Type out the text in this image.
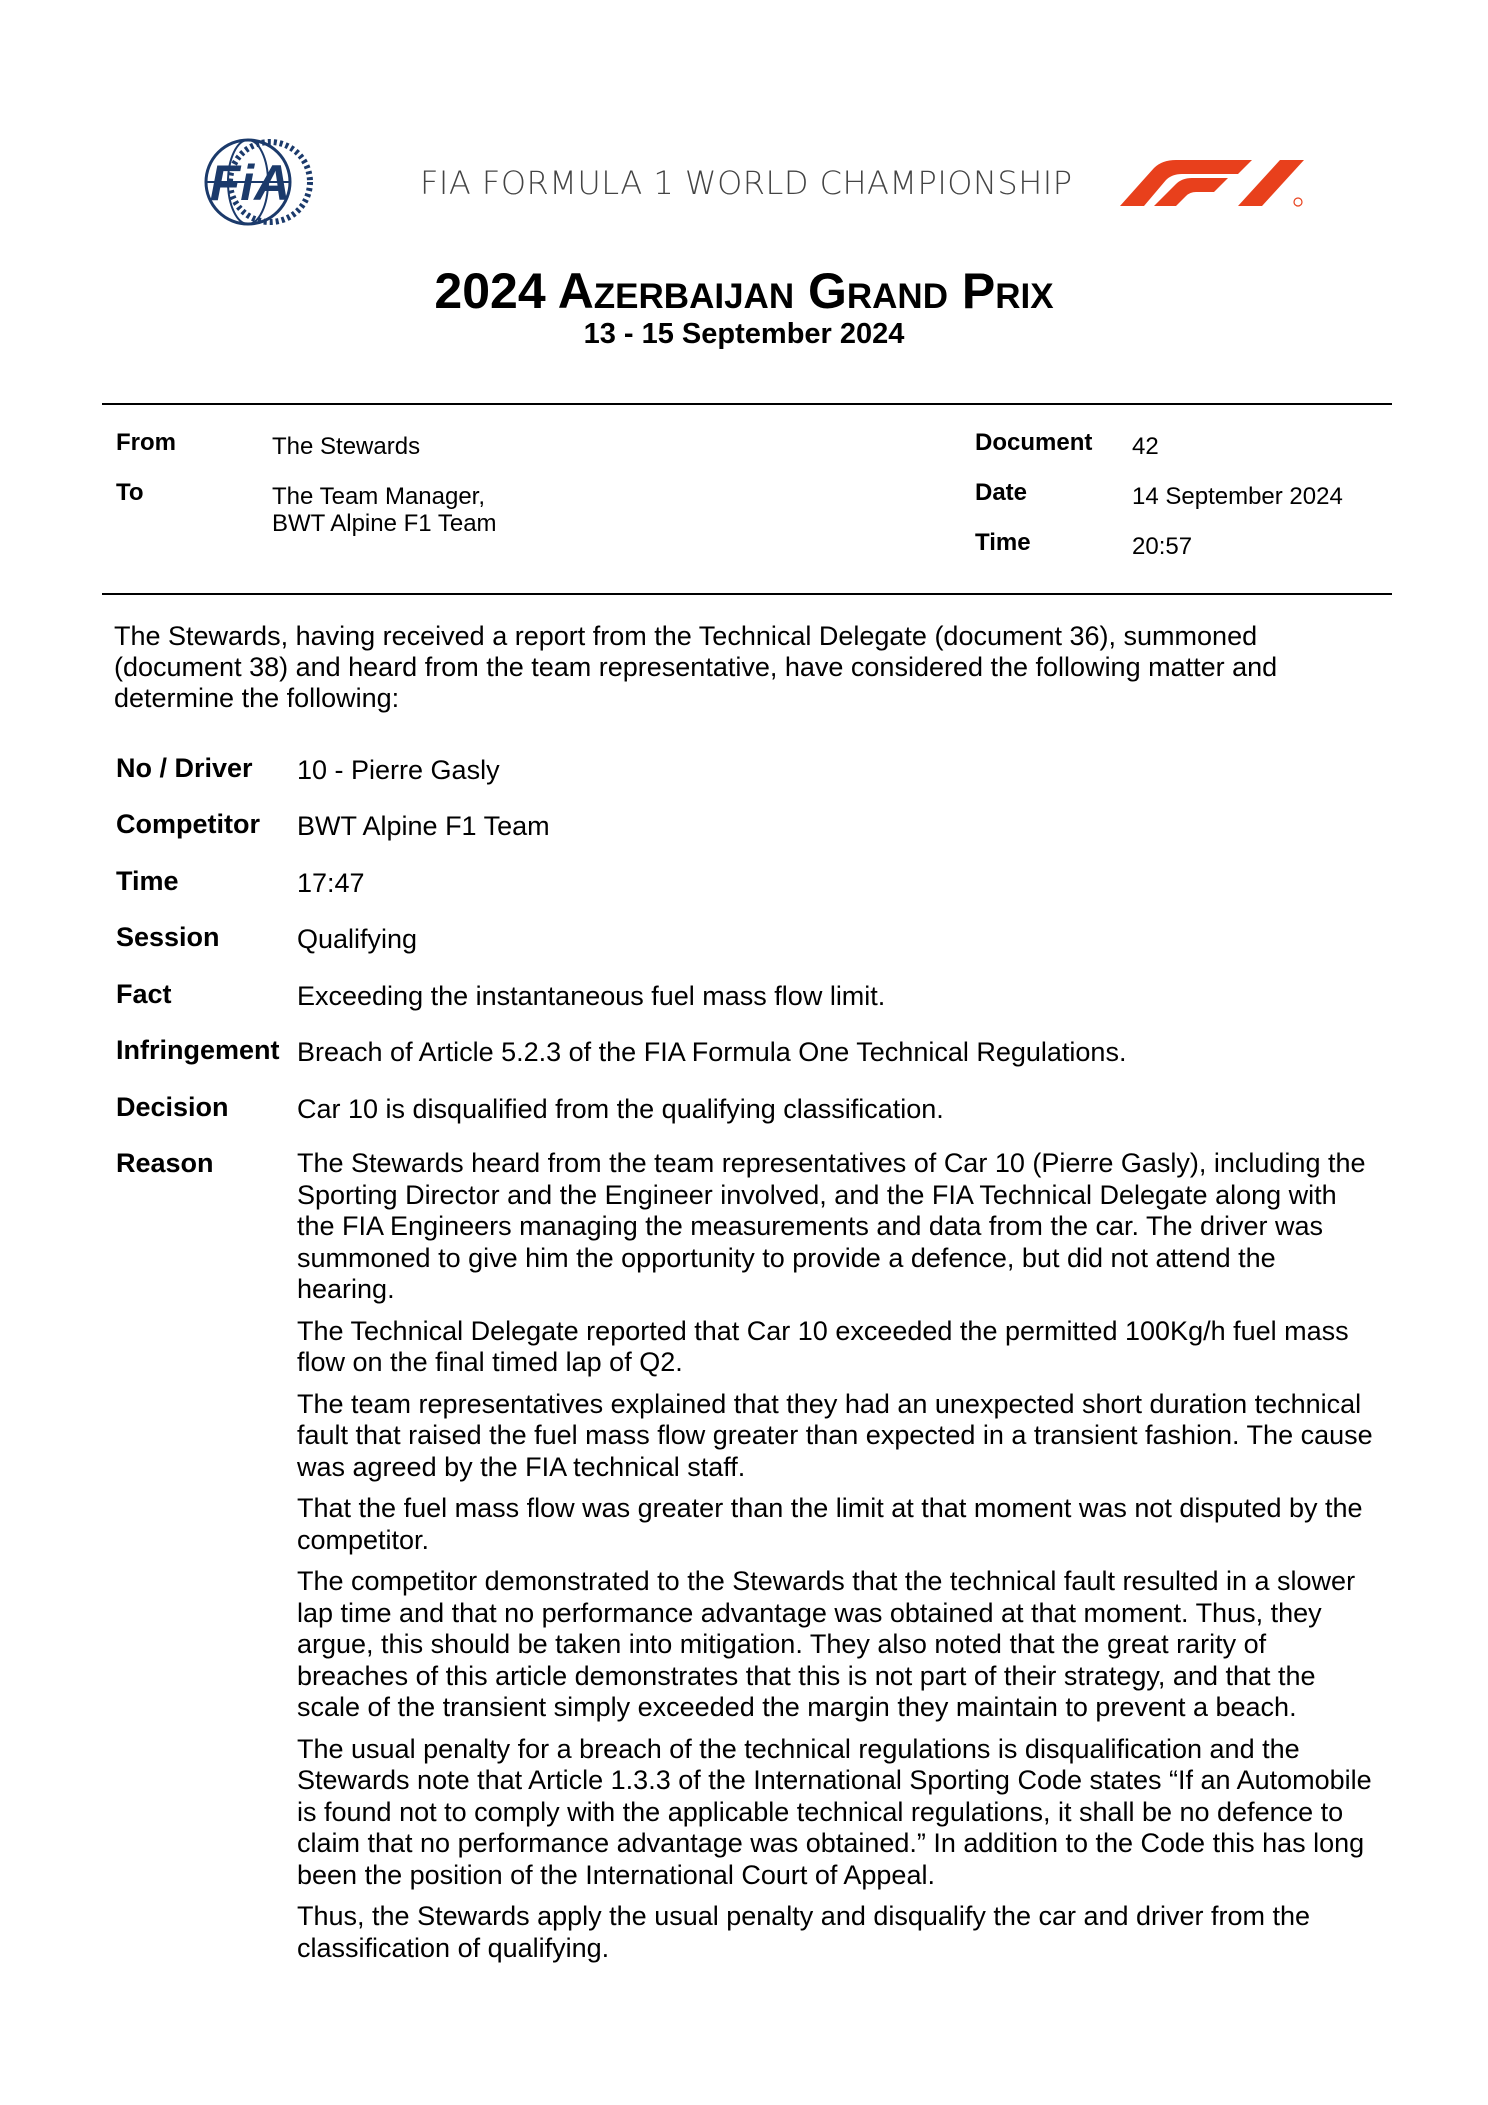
FiA	FIA FORMULA 1 WORLD CHAMPIONSHIP
2024 Azerbaijan Grand Prix
13 - 15 September 2024
From	The Stewards
To	The Team Manager,
BWT Alpine F1 Team
Document 42
Date	14 September 2024
Time	20:57
The Stewards, having received a report from the Technical Delegate (document 36), summoned (document 38) and heard from the team representative, have considered the following matter and determine the following:
No / Driver	10 - Pierre Gasly
Competitor	BWT Alpine F1 Team
Time	17:47
Session	Qualifying
Fact	Exceeding the instantaneous fuel mass flow limit.
Infringement Breach of Article 5.2.3 of the FIA Formula One Technical Regulations.
Decision	Car 10 is disqualified from the qualifying classification.
Reason	The Stewards heard from the team representatives of Car 10 (Pierre Gasly), including the Sporting Director and the Engineer involved, and the FIA Technical Delegate along with the FIA Engineers managing the measurements and data from the car. The driver was summoned to give him the opportunity to provide a defence, but did not attend the hearing.

The Technical Delegate reported that Car 10 exceeded the permitted 100Kg/h fuel mass flow on the final timed lap of Q2.

The team representatives explained that they had an unexpected short duration technical fault that raised the fuel mass flow greater than expected in a transient fashion. The cause was agreed by the FIA technical staff.

That the fuel mass flow was greater than the limit at that moment was not disputed by the competitor.

The competitor demonstrated to the Stewards that the technical fault resulted in a slower lap time and that no performance advantage was obtained at that moment. Thus, they argue, this should be taken into mitigation. They also noted that the great rarity of breaches of this article demonstrates that this is not part of their strategy, and that the scale of the transient simply exceeded the margin they maintain to prevent a beach.

The usual penalty for a breach of the technical regulations is disqualification and the Stewards note that Article 1.3.3 of the International Sporting Code states “If an Automobile is found not to comply with the applicable technical regulations, it shall be no defence to claim that no performance advantage was obtained.” In addition to the Code this has long been the position of the International Court of Appeal.

Thus, the Stewards apply the usual penalty and disqualify the car and driver from the classification of qualifying.
